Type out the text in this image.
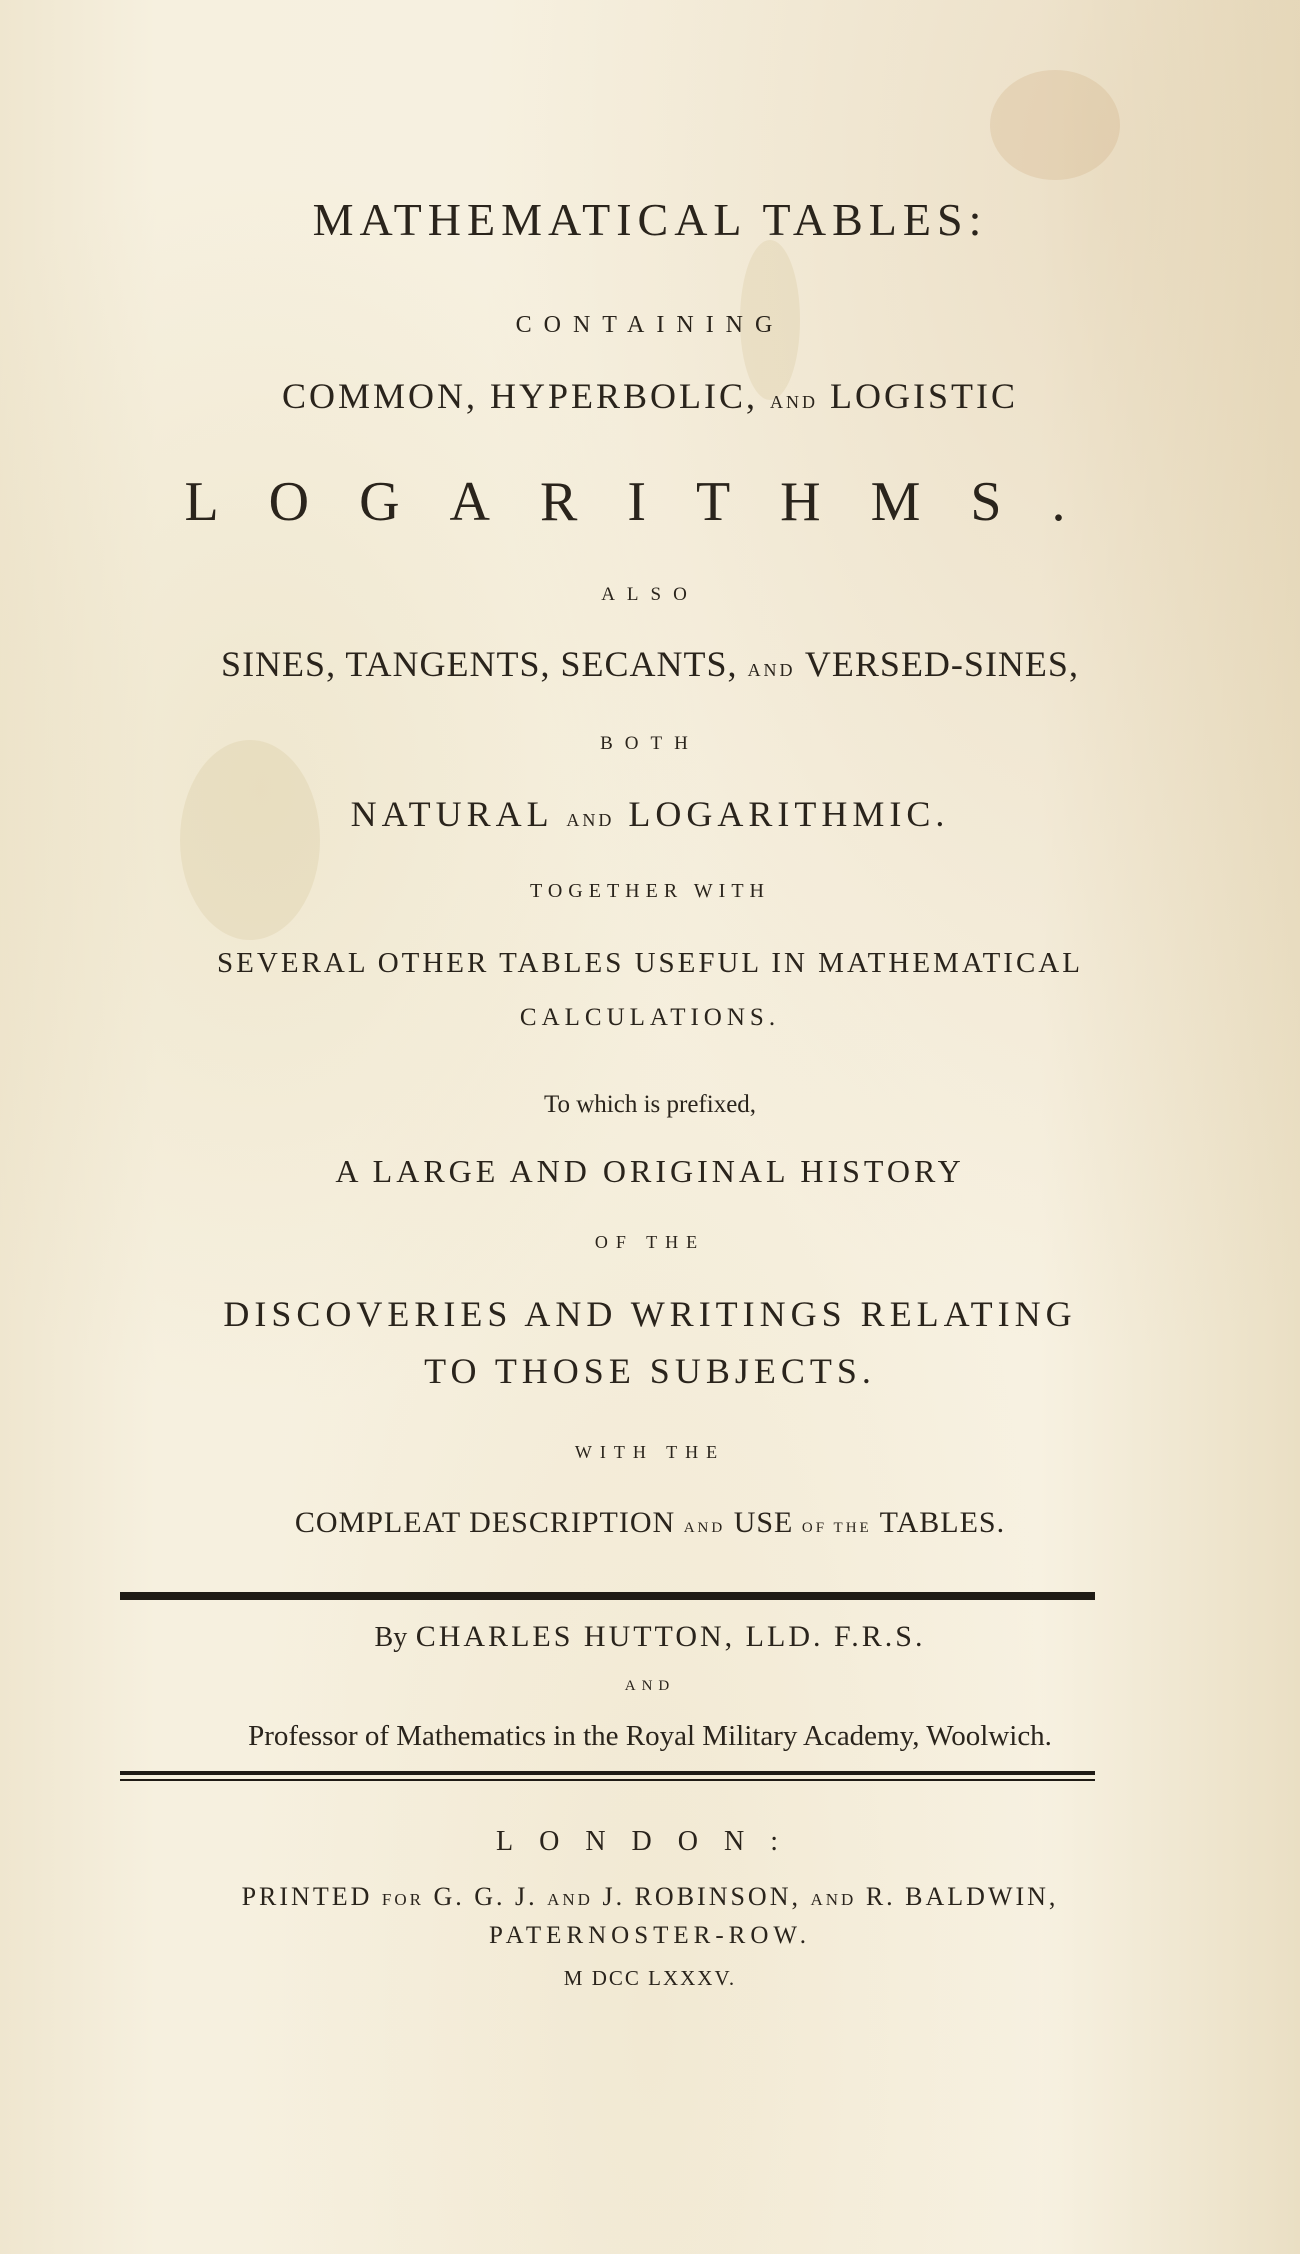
MATHEMATICAL TABLES:
CONTAINING
COMMON, HYPERBOLIC, AND LOGISTIC
LOGARITHMS.
ALSO
SINES, TANGENTS, SECANTS, AND VERSED-SINES,
BOTH
NATURAL AND LOGARITHMIC.
TOGETHER WITH
SEVERAL OTHER TABLES USEFUL IN MATHEMATICAL
CALCULATIONS.
To which is prefixed,
A LARGE AND ORIGINAL HISTORY
OF THE
DISCOVERIES AND WRITINGS RELATING
TO THOSE SUBJECTS.
WITH THE
COMPLEAT DESCRIPTION AND USE OF THE TABLES.
By CHARLES HUTTON, LLD. F.R.S.
AND
Professor of Mathematics in the Royal Military Academy, Woolwich.
LONDON:
PRINTED FOR G. G. J. AND J. ROBINSON, AND R. BALDWIN,
PATERNOSTER-ROW.
M DCC LXXXV.
